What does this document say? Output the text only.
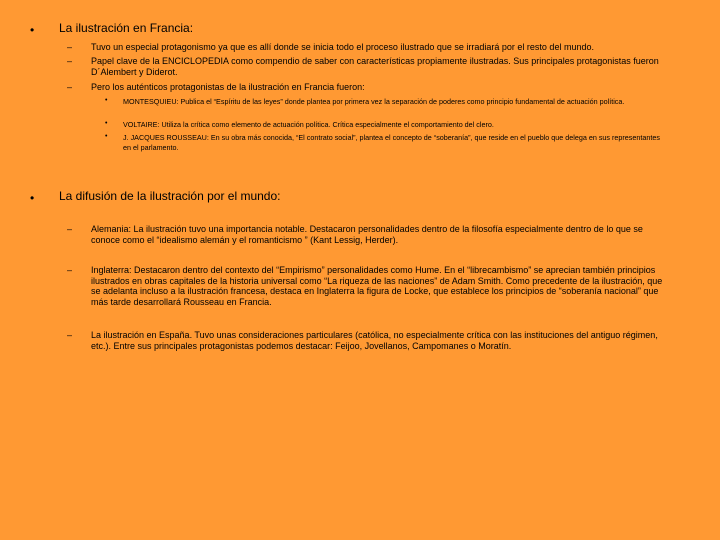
• La ilustración en Francia:
– Tuvo un especial protagonismo ya que es allí donde se inicia todo el proceso ilustrado que se irradiará por el resto del mundo.
– Papel clave de la ENCICLOPEDIA como compendio de saber con características propiamente ilustradas. Sus principales protagonistas fueron D´Alembert y Diderot.
– Pero los auténticos protagonistas de la ilustración en Francia fueron:
• MONTESQUIEU: Publica el “Espíritu de las leyes” donde plantea por primera vez la separación de poderes como principio fundamental de actuación política.
• VOLTAIRE: Utiliza la crítica como elemento de actuación política. Crítica especialmente el comportamiento del clero.
• J. JACQUES ROUSSEAU: En su obra más conocida, “El contrato social”, plantea el concepto de “soberanía”, que reside en el pueblo que delega en sus representantes en el parlamento.
• La difusión de la ilustración por el mundo:
– Alemania: La ilustración tuvo una importancia notable. Destacaron personalidades dentro de la filosofía especialmente dentro de lo que se conoce como el “idealismo alemán y el romanticismo ” (Kant Lessig, Herder).
– Inglaterra: Destacaron dentro del contexto del “Empirismo” personalidades como Hume. En el “librecambismo” se aprecian también principios ilustrados en obras capitales de la historia universal como “La riqueza de las naciones” de Adam Smith. Como precedente de la ilustración, que se adelanta incluso a la ilustración francesa, destaca en Inglaterra la figura de Locke, que establece los principios de “soberanía nacional” que más tarde desarrollará Rousseau en Francia.
– La ilustración en España. Tuvo unas consideraciones particulares (católica, no especialmente crítica con las instituciones del antiguo régimen, etc.). Entre sus principales protagonistas podemos destacar: Feijoo, Jovellanos, Campomanes o Moratín.
